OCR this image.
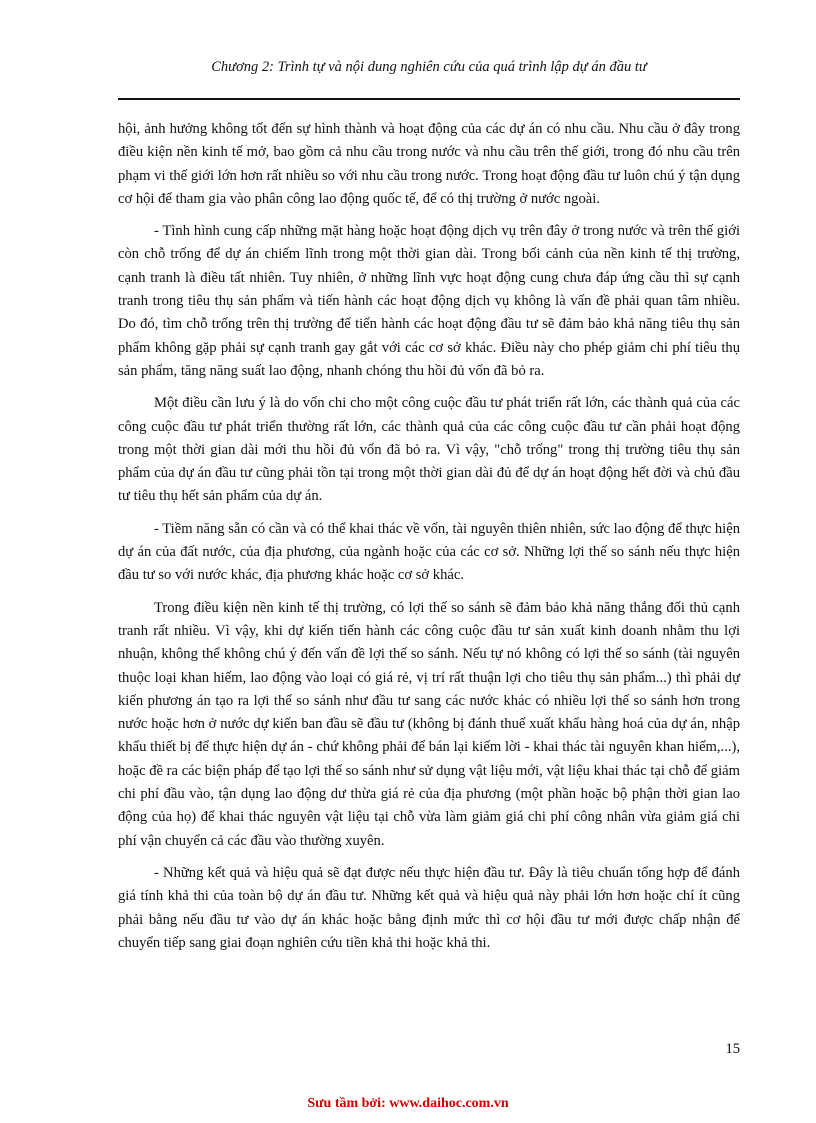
Chương 2: Trình tự và nội dung nghiên cứu của quá trình lập dự án đầu tư

hội, ảnh hưởng không tốt đến sự hình thành và hoạt động của các dự án có nhu cầu. Nhu cầu ở đây trong điều kiện nền kinh tế mở, bao gồm cả nhu cầu trong nước và nhu cầu trên thế giới, trong đó nhu cầu trên phạm vi thế giới lớn hơn rất nhiều so với nhu cầu trong nước. Trong hoạt động đầu tư luôn chú ý tận dụng cơ hội để tham gia vào phân công lao động quốc tế, để có thị trường ở nước ngoài.

- Tình hình cung cấp những mặt hàng hoặc hoạt động dịch vụ trên đây ở trong nước và trên thế giới còn chỗ trống để dự án chiếm lĩnh trong một thời gian dài. Trong bối cảnh của nền kinh tế thị trường, cạnh tranh là điều tất nhiên. Tuy nhiên, ở những lĩnh vực hoạt động cung chưa đáp ứng cầu thì sự cạnh tranh trong tiêu thụ sản phẩm và tiến hành các hoạt động dịch vụ không là vấn đề phải quan tâm nhiều. Do đó, tìm chỗ trống trên thị trường để tiến hành các hoạt động đầu tư sẽ đảm bảo khả năng tiêu thụ sản phẩm không gặp phải sự cạnh tranh gay gắt với các cơ sở khác. Điều này cho phép giảm chi phí tiêu thụ sản phẩm, tăng năng suất lao động, nhanh chóng thu hồi đủ vốn đã bỏ ra.

Một điều cần lưu ý là do vốn chi cho một công cuộc đầu tư phát triển rất lớn, các thành quả của các công cuộc đầu tư phát triển thường rất lớn, các thành quả của các công cuộc đầu tư cần phải hoạt động trong một thời gian dài mới thu hồi đủ vốn đã bỏ ra. Vì vậy, "chỗ trống" trong thị trường tiêu thụ sản phẩm của dự án đầu tư cũng phải tồn tại trong một thời gian dài đủ để dự án hoạt động hết đời và chủ đầu tư tiêu thụ hết sản phẩm của dự án.

- Tiềm năng sẵn có cần và có thể khai thác về vốn, tài nguyên thiên nhiên, sức lao động để thực hiện dự án của đất nước, của địa phương, của ngành hoặc của các cơ sở. Những lợi thế so sánh nếu thực hiện đầu tư so với nước khác, địa phương khác hoặc cơ sở khác.

Trong điều kiện nền kinh tế thị trường, có lợi thế so sánh sẽ đảm bảo khả năng thắng đối thủ cạnh tranh rất nhiều. Vì vậy, khi dự kiến tiến hành các công cuộc đầu tư sản xuất kinh doanh nhằm thu lợi nhuận, không thể không chú ý đến vấn đề lợi thế so sánh. Nếu tự nó không có lợi thế so sánh (tài nguyên thuộc loại khan hiếm, lao động vào loại có giá rẻ, vị trí rất thuận lợi cho tiêu thụ sản phẩm...) thì phải dự kiến phương án tạo ra lợi thế so sánh như đầu tư sang các nước khác có nhiều lợi thế so sánh hơn trong nước hoặc hơn ở nước dự kiến ban đầu sẽ đầu tư (không bị đánh thuế xuất khẩu hàng hoá của dự án, nhập khẩu thiết bị để thực hiện dự án - chứ không phải để bán lại kiếm lời - khai thác tài nguyên khan hiếm,...), hoặc đề ra các biện pháp để tạo lợi thế so sánh như sử dụng vật liệu mới, vật liệu khai thác tại chỗ để giảm chi phí đầu vào, tận dụng lao động dư thừa giá rẻ của địa phương (một phần hoặc bộ phận thời gian lao động của họ) để khai thác nguyên vật liệu tại chỗ vừa làm giảm giá chi phí công nhân vừa giảm giá chi phí vận chuyển cả các đầu vào thường xuyên.

- Những kết quả và hiệu quả sẽ đạt được nếu thực hiện đầu tư. Đây là tiêu chuẩn tổng hợp để đánh giá tính khả thi của toàn bộ dự án đầu tư. Những kết quả và hiệu quả này phải lớn hơn hoặc chí ít cũng phải bằng nếu đầu tư vào dự án khác hoặc bằng định mức thì cơ hội đầu tư mới được chấp nhận để chuyển tiếp sang giai đoạn nghiên cứu tiền khả thi hoặc khả thi.

15
Sưu tầm bởi: www.daihoc.com.vn
